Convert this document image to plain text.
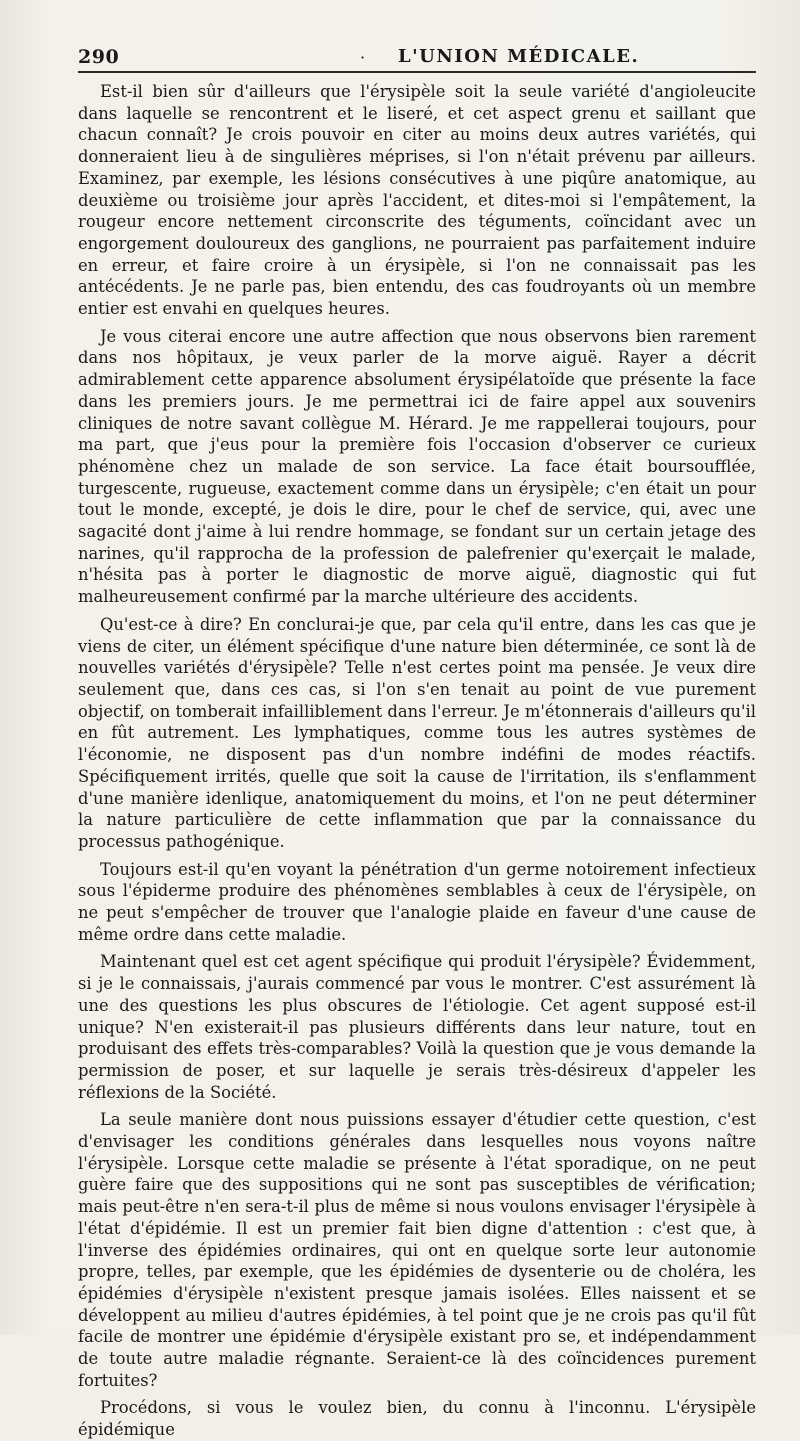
290	· L'UNION MÉDICALE.

Est-il bien sûr d'ailleurs que l'érysipèle soit la seule variété d'angioleucite dans laquelle se rencontrent et le liseré, et cet aspect grenu et saillant que chacun connaît? Je crois pouvoir en citer au moins deux autres variétés, qui donneraient lieu à de singulières méprises, si l'on n'était prévenu par ailleurs. Examinez, par exemple, les lésions consécutives à une piqûre anatomique, au deuxième ou troisième jour après l'accident, et dites-moi si l'empâtement, la rougeur encore nettement circonscrite des téguments, coïncidant avec un engorgement douloureux des ganglions, ne pourraient pas parfaitement induire en erreur, et faire croire à un érysipèle, si l'on ne connaissait pas les antécédents. Je ne parle pas, bien entendu, des cas foudroyants où un membre entier est envahi en quelques heures.

Je vous citerai encore une autre affection que nous observons bien rarement dans nos hôpitaux, je veux parler de la morve aiguë. Rayer a décrit admirablement cette apparence absolument érysipélatoïde que présente la face dans les premiers jours. Je me permettrai ici de faire appel aux souvenirs cliniques de notre savant collègue M. Hérard. Je me rappellerai toujours, pour ma part, que j'eus pour la première fois l'occasion d'observer ce curieux phénomène chez un malade de son service. La face était boursoufflée, turgescente, rugueuse, exactement comme dans un érysipèle; c'en était un pour tout le monde, excepté, je dois le dire, pour le chef de service, qui, avec une sagacité dont j'aime à lui rendre hommage, se fondant sur un certain jetage des narines, qu'il rapprocha de la profession de palefrenier qu'exerçait le malade, n'hésita pas à porter le diagnostic de morve aiguë, diagnostic qui fut malheureusement confirmé par la marche ultérieure des accidents.

Qu'est-ce à dire? En conclurai-je que, par cela qu'il entre, dans les cas que je viens de citer, un élément spécifique d'une nature bien déterminée, ce sont là de nouvelles variétés d'érysipèle? Telle n'est certes point ma pensée. Je veux dire seulement que, dans ces cas, si l'on s'en tenait au point de vue purement objectif, on tomberait infailliblement dans l'erreur. Je m'étonnerais d'ailleurs qu'il en fût autrement. Les lymphatiques, comme tous les autres systèmes de l'économie, ne disposent pas d'un nombre indéfini de modes réactifs. Spécifiquement irrités, quelle que soit la cause de l'irritation, ils s'enflamment d'une manière idenlique, anatomiquement du moins, et l'on ne peut déterminer la nature particulière de cette inflammation que par la connaissance du processus pathogénique.

Toujours est-il qu'en voyant la pénétration d'un germe notoirement infectieux sous l'épiderme produire des phénomènes semblables à ceux de l'érysipèle, on ne peut s'empêcher de trouver que l'analogie plaide en faveur d'une cause de même ordre dans cette maladie.

Maintenant quel est cet agent spécifique qui produit l'érysipèle? Évidemment, si je le connaissais, j'aurais commencé par vous le montrer. C'est assurément là une des questions les plus obscures de l'étiologie. Cet agent supposé est-il unique? N'en existerait-il pas plusieurs différents dans leur nature, tout en produisant des effets très-comparables? Voilà la question que je vous demande la permission de poser, et sur laquelle je serais très-désireux d'appeler les réflexions de la Société.

La seule manière dont nous puissions essayer d'étudier cette question, c'est d'envisager les conditions générales dans lesquelles nous voyons naître l'érysipèle. Lorsque cette maladie se présente à l'état sporadique, on ne peut guère faire que des suppositions qui ne sont pas susceptibles de vérification; mais peut-être n'en sera-t-il plus de même si nous voulons envisager l'érysipèle à l'état d'épidémie. Il est un premier fait bien digne d'attention : c'est que, à l'inverse des épidémies ordinaires, qui ont en quelque sorte leur autonomie propre, telles, par exemple, que les épidémies de dysenterie ou de choléra, les épidémies d'érysipèle n'existent presque jamais isolées. Elles naissent et se développent au milieu d'autres épidémies, à tel point que je ne crois pas qu'il fût facile de montrer une épidémie d'érysipèle existant pro se, et indépendamment de toute autre maladie régnante. Seraient-ce là des coïncidences purement fortuites?

Procédons, si vous le voulez bien, du connu à l'inconnu. L'érysipèle épidémique
